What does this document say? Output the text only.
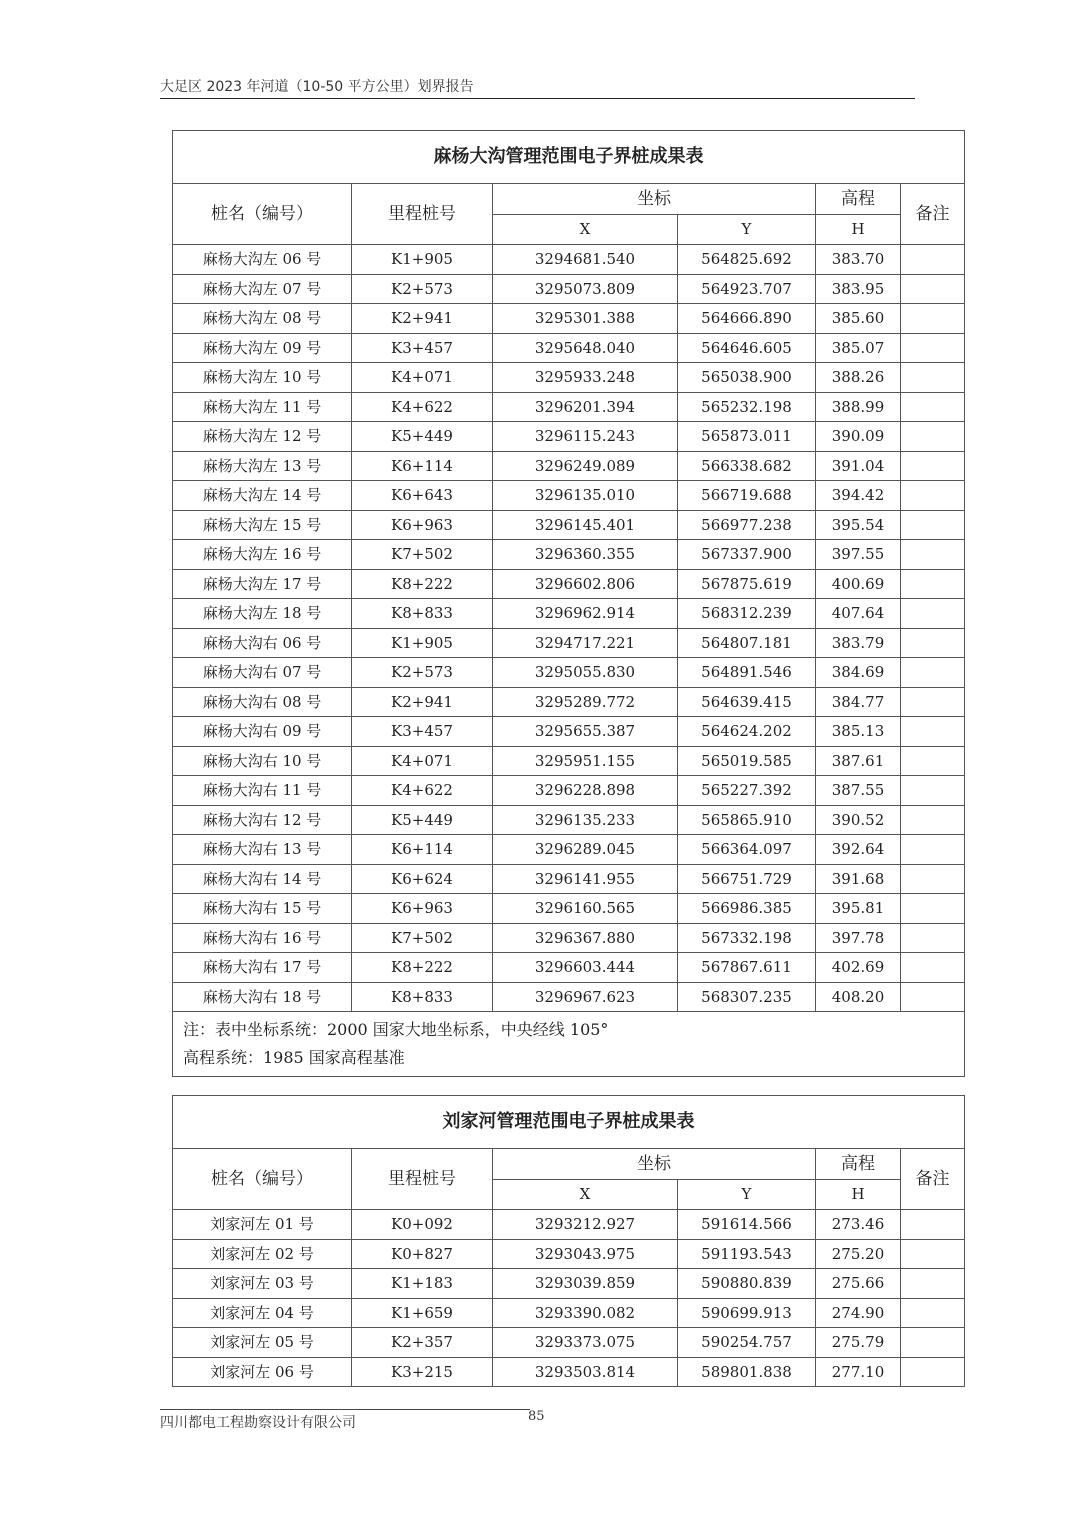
大足区 2023 年河道（10-50 平方公里）划界报告
麻杨大沟管理范围电子界桩成果表					
桩名（编号）	里程桩号	坐标		高程	备注
		X	Y	H	
麻杨大沟左 06 号	K1+905	3294681.540	564825.692	383.70	
麻杨大沟左 07 号	K2+573	3295073.809	564923.707	383.95	
麻杨大沟左 08 号	K2+941	3295301.388	564666.890	385.60	
麻杨大沟左 09 号	K3+457	3295648.040	564646.605	385.07	
麻杨大沟左 10 号	K4+071	3295933.248	565038.900	388.26	
麻杨大沟左 11 号	K4+622	3296201.394	565232.198	388.99	
麻杨大沟左 12 号	K5+449	3296115.243	565873.011	390.09	
麻杨大沟左 13 号	K6+114	3296249.089	566338.682	391.04	
麻杨大沟左 14 号	K6+643	3296135.010	566719.688	394.42	
麻杨大沟左 15 号	K6+963	3296145.401	566977.238	395.54	
麻杨大沟左 16 号	K7+502	3296360.355	567337.900	397.55	
麻杨大沟左 17 号	K8+222	3296602.806	567875.619	400.69	
麻杨大沟左 18 号	K8+833	3296962.914	568312.239	407.64	
麻杨大沟右 06 号	K1+905	3294717.221	564807.181	383.79	
麻杨大沟右 07 号	K2+573	3295055.830	564891.546	384.69	
麻杨大沟右 08 号	K2+941	3295289.772	564639.415	384.77	
麻杨大沟右 09 号	K3+457	3295655.387	564624.202	385.13	
麻杨大沟右 10 号	K4+071	3295951.155	565019.585	387.61	
麻杨大沟右 11 号	K4+622	3296228.898	565227.392	387.55	
麻杨大沟右 12 号	K5+449	3296135.233	565865.910	390.52	
麻杨大沟右 13 号	K6+114	3296289.045	566364.097	392.64	
麻杨大沟右 14 号	K6+624	3296141.955	566751.729	391.68	
麻杨大沟右 15 号	K6+963	3296160.565	566986.385	395.81	
麻杨大沟右 16 号	K7+502	3296367.880	567332.198	397.78	
麻杨大沟右 17 号	K8+222	3296603.444	567867.611	402.69	
麻杨大沟右 18 号	K8+833	3296967.623	568307.235	408.20	

注：表中坐标系统：2000 国家大地坐标系，中央经线 105°
高程系统：1985 国家高程基准					
刘家河管理范围电子界桩成果表					
桩名（编号）	里程桩号	坐标		高程	备注
		X	Y	H	
刘家河左 01 号	K0+092	3293212.927	591614.566	273.46	
刘家河左 02 号	K0+827	3293043.975	591193.543	275.20	
刘家河左 03 号	K1+183	3293039.859	590880.839	275.66	
刘家河左 04 号	K1+659	3293390.082	590699.913	274.90	
刘家河左 05 号	K2+357	3293373.075	590254.757	275.79	
刘家河左 06 号	K3+215	3293503.814	589801.838	277.10	
四川都电工程勘察设计有限公司	85
